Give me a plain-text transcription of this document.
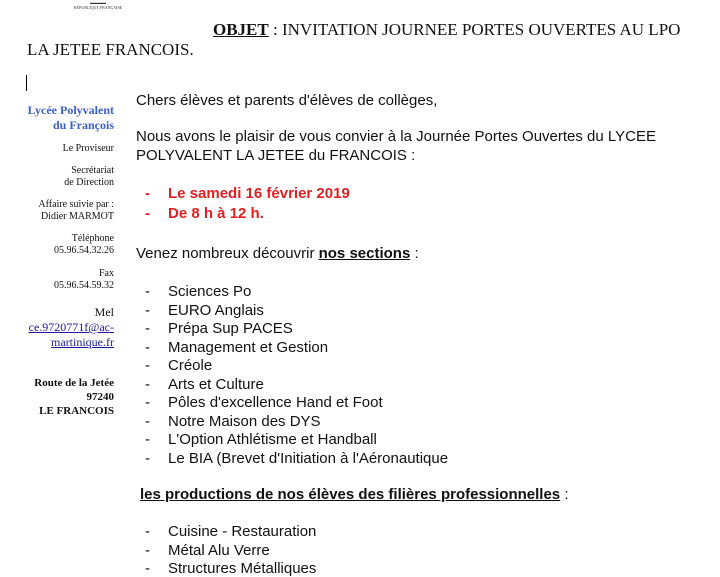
▬▬▬▬
RÉPUBLIQUE FRANÇAISE
OBJET : INVITATION JOURNEE PORTES OUVERTES AU LPO
LA JETEE FRANCOIS.
Lycée Polyvalent
du François
Le Proviseur
Secrétariat
de Direction
Affaire suivie par :
Didier MARMOT
Téléphone
05.96.54.32.26
Fax
05.96.54.59.32
Mel
ce.9720771f@ac-
martinique.fr
Route de la Jetée
97240
LE FRANCOIS
Chers élèves et parents d'élèves de collèges,
Nous avons le plaisir de vous convier à la Journée Portes Ouvertes du LYCEE
POLYVALENT LA JETEE du FRANCOIS :
- Le samedi 16 février 2019
- De 8 h à 12 h.
Venez nombreux découvrir nos sections :
- Sciences Po
- EURO Anglais
- Prépa Sup PACES
- Management et Gestion
- Créole
- Arts et Culture
- Pôles d'excellence Hand et Foot
- Notre Maison des DYS
- L'Option Athlétisme et Handball
- Le BIA (Brevet d'Initiation à l'Aéronautique
les productions de nos élèves des filières professionnelles :
- Cuisine - Restauration
- Métal Alu Verre
- Structures Métalliques
